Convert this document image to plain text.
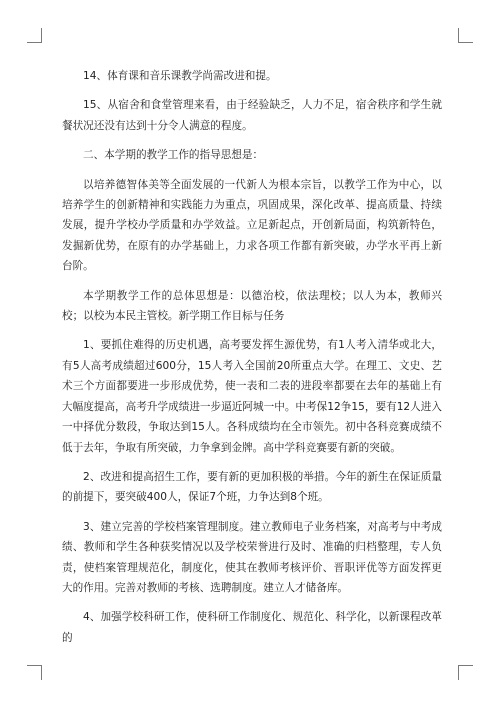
14、体育课和音乐课教学尚需改进和提。

15、从宿舍和食堂管理来看，由于经验缺乏，人力不足，宿舍秩序和学生就餐状况还没有达到十分令人满意的程度。

二、本学期的教学工作的指导思想是：

以培养德智体美等全面发展的一代新人为根本宗旨，以教学工作为中心，以培养学生的创新精神和实践能力为重点，巩固成果，深化改革、提高质量、持续发展，提升学校办学质量和办学效益。立足新起点，开创新局面，构筑新特色，发掘新优势，在原有的办学基础上，力求各项工作都有新突破，办学水平再上新台阶。

本学期教学工作的总体思想是：以德治校，依法理校；以人为本，教师兴校；以校为本民主管校。新学期工作目标与任务

1、要抓住难得的历史机遇，高考要发挥生源优势，有1人考入清华或北大，有5人高考成绩超过600分，15人考入全国前20所重点大学。在理工、文史、艺术三个方面都要进一步形成优势，使一表和二表的进段率都要在去年的基础上有大幅度提高，高考升学成绩进一步逼近阿城一中。中考保12争15，要有12人进入一中择优分数段，争取达到15人。各科成绩均在全市领先。初中各科竞赛成绩不低于去年，争取有所突破，力争拿到金牌。高中学科竞赛要有新的突破。

2、改进和提高招生工作，要有新的更加积极的举措。今年的新生在保证质量的前提下，要突破400人，保证7个班，力争达到8个班。

3、建立完善的学校档案管理制度。建立教师电子业务档案，对高考与中考成绩、教师和学生各种获奖情况以及学校荣誉进行及时、准确的归档整理，专人负责，使档案管理规范化，制度化，使其在教师考核评价、晋职评优等方面发挥更大的作用。完善对教师的考核、选聘制度。建立人才储备库。

4、加强学校科研工作，使科研工作制度化、规范化、科学化，以新课程改革的
